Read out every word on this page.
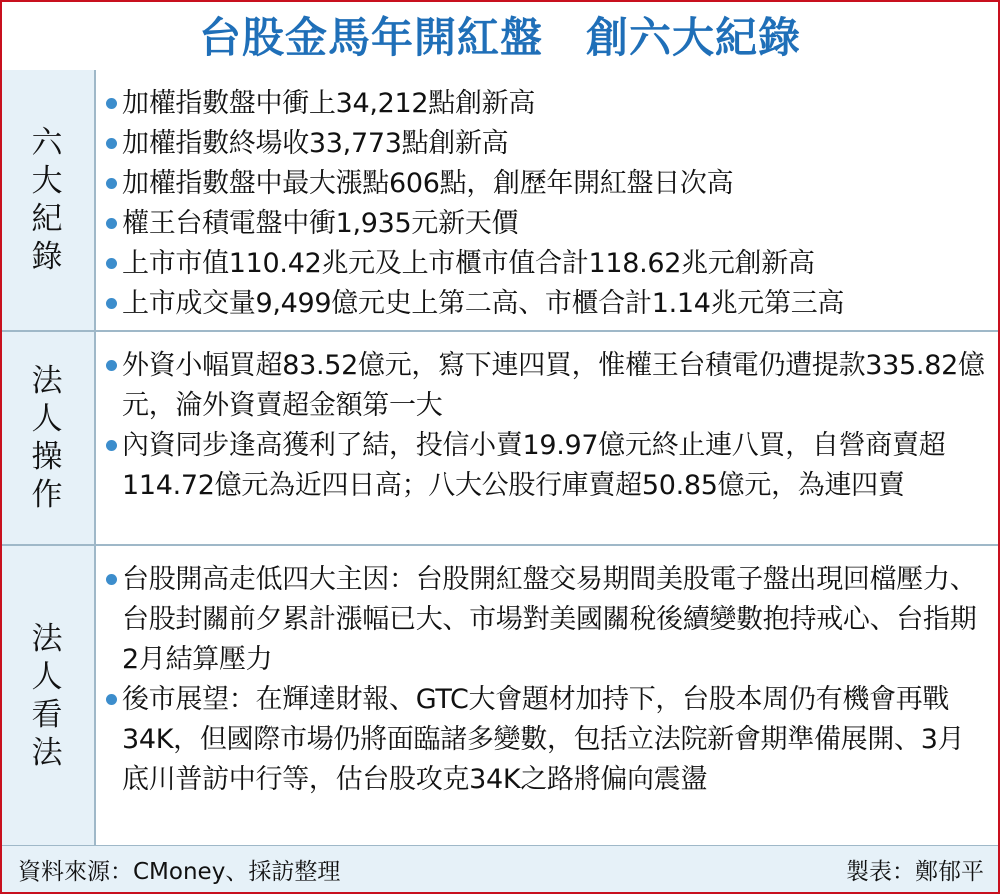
台股金馬年開紅盤　創六大紀錄
六大
紀錄
加權指數盤中衝上34,212點創新高
加權指數終場收33,773點創新高
加權指數盤中最大漲點606點，創歷年開紅盤日次高
權王台積電盤中衝1,935元新天價
上市市值110.42兆元及上市櫃市值合計118.62兆元創新高
上市成交量9,499億元史上第二高、市櫃合計1.14兆元第三高
法人
操作
外資小幅買超83.52億元，寫下連四買，惟權王台積電仍遭提款335.82億元，淪外資賣超金額第一大
內資同步逢高獲利了結，投信小賣19.97億元終止連八買，自營商賣超114.72億元為近四日高；八大公股行庫賣超50.85億元，為連四賣
法人
看法
台股開高走低四大主因：台股開紅盤交易期間美股電子盤出現回檔壓力、台股封關前夕累計漲幅已大、市場對美國關稅後續變數抱持戒心、台指期2月結算壓力
後市展望：在輝達財報、GTC大會題材加持下，台股本周仍有機會再戰34K，但國際市場仍將面臨諸多變數，包括立法院新會期準備展開、3月底川普訪中行等，估台股攻克34K之路將偏向震盪
資料來源：CMoney、採訪整理	製表：鄭郁平
